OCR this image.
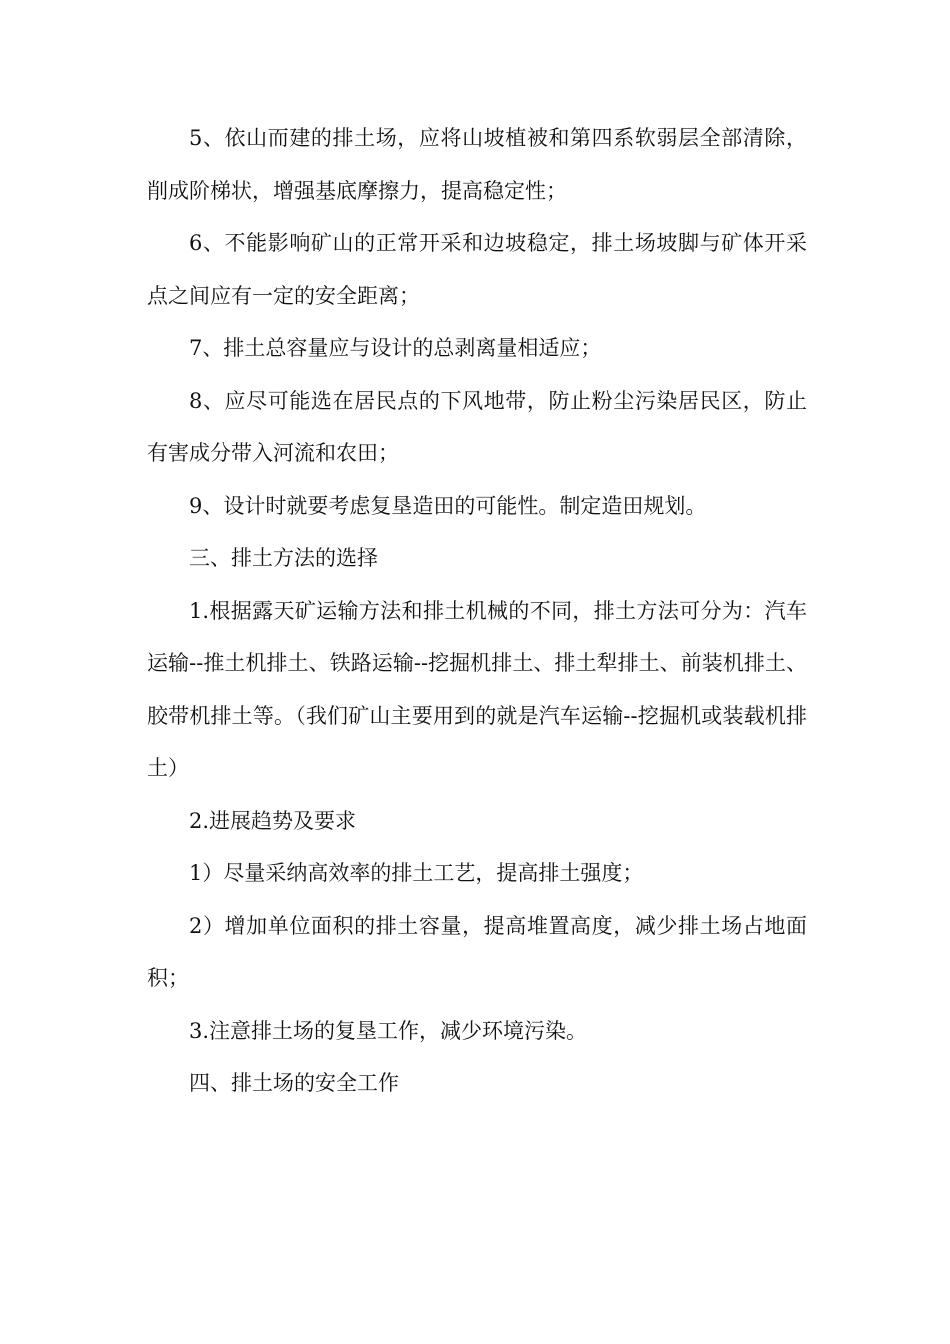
5、依山而建的排土场，应将山坡植被和第四系软弱层全部清除，削成阶梯状，增强基底摩擦力，提高稳定性；

6、不能影响矿山的正常开采和边坡稳定，排土场坡脚与矿体开采点之间应有一定的安全距离；

7、排土总容量应与设计的总剥离量相适应；

8、应尽可能选在居民点的下风地带，防止粉尘污染居民区，防止有害成分带入河流和农田；

9、设计时就要考虑复垦造田的可能性。制定造田规划。

三、排土方法的选择

1.根据露天矿运输方法和排土机械的不同，排土方法可分为：汽车运输--推土机排土、铁路运输--挖掘机排土、排土犁排土、前装机排土、胶带机排土等。（我们矿山主要用到的就是汽车运输--挖掘机或装载机排土）

2.进展趋势及要求

1）尽量采纳高效率的排土工艺，提高排土强度；

2）增加单位面积的排土容量，提高堆置高度，减少排土场占地面积；

3.注意排土场的复垦工作，减少环境污染。

四、排土场的安全工作
